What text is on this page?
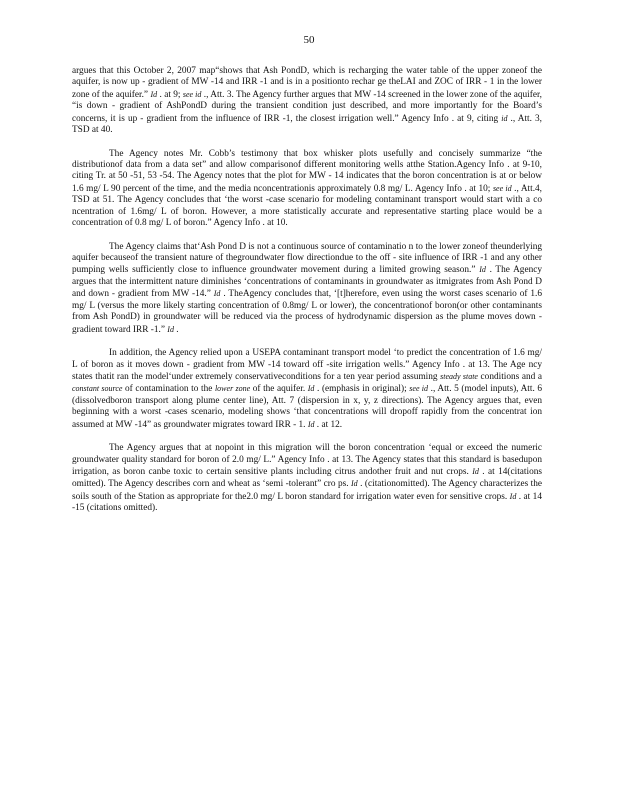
50

argues that this October 2, 2007 map“shows that Ash PondD, which is recharging the water table of the upper zoneof the aquifer, is now up - gradient of MW -14 and IRR -1 and is in a positionto rechar ge theLAI and ZOC of IRR - 1 in the lower zone of the aquifer.” Id . at 9; see id ., Att. 3. The Agency further argues that MW -14 screened in the lower zone of the aquifer, “is down - gradient of AshPondD during the transient condition just described, and more importantly for the Board’s concerns, it is up - gradient from the influence of IRR -1, the closest irrigation well.” Agency Info . at 9, citing id ., Att. 3, TSD at 40.

The Agency notes Mr. Cobb’s testimony that box whisker plots usefully and concisely summarize “the distributionof data from a data set” and allow comparisonof different monitoring wells atthe Station.Agency Info . at 9-10, citing Tr. at 50 -51, 53 -54. The Agency notes that the plot for MW - 14 indicates that the boron concentration is at or below 1.6 mg/ L 90 percent of the time, and the media nconcentrationis approximately 0.8 mg/ L. Agency Info . at 10; see id ., Att.4, TSD at 51. The Agency concludes that ‘the worst -case scenario for modeling contaminant transport would start with a co ncentration of 1.6mg/ L of boron. However, a more statistically accurate and representative starting place would be a concentration of 0.8 mg/ L of boron.” Agency Info . at 10.

The Agency claims that‘Ash Pond D is not a continuous source of contaminatio n to the lower zoneof theunderlying aquifer becauseof the transient nature of thegroundwater flow directiondue to the off - site influence of IRR -1 and any other pumping wells sufficiently close to influence groundwater movement during a limited growing season.” Id . The Agency argues that the intermittent nature diminishes ‘concentrations of contaminants in groundwater as itmigrates from Ash Pond D and down - gradient from MW -14.” Id . TheAgency concludes that, ‘[t]herefore, even using the worst cases scenario of 1.6 mg/ L (versus the more likely starting concentration of 0.8mg/ L or lower), the concentrationof boron(or other contaminants from Ash PondD) in groundwater will be reduced via the process of hydrodynamic dispersion as the plume moves down -gradient toward IRR -1.” Id .

In addition, the Agency relied upon a USEPA contaminant transport model ‘to predict the concentration of 1.6 mg/ L of boron as it moves down - gradient from MW -14 toward off -site irrigation wells.” Agency Info . at 13. The Age ncy states thatit ran the model‘under extremely conservativeconditions for a ten year period assuming steady state conditions and a constant source of contamination to the lower zone of the aquifer. Id . (emphasis in original); see id ., Att. 5 (model inputs), Att. 6 (dissolvedboron transport along plume center line), Att. 7 (dispersion in x, y, z directions). The Agency argues that, even beginning with a worst -cases scenario, modeling shows ‘that concentrations will dropoff rapidly from the concentrat ion assumed at MW -14” as groundwater migrates toward IRR - 1. Id . at 12.

The Agency argues that at nopoint in this migration will the boron concentration ‘equal or exceed the numeric groundwater quality standard for boron of 2.0 mg/ L.” Agency Info . at 13. The Agency states that this standard is basedupon irrigation, as boron canbe toxic to certain sensitive plants including citrus andother fruit and nut crops. Id . at 14(citations omitted). The Agency describes corn and wheat as ‘semi -tolerant” cro ps. Id . (citationomitted). The Agency characterizes the soils south of the Station as appropriate for the2.0 mg/ L boron standard for irrigation water even for sensitive crops. Id . at 14 -15 (citations omitted).
